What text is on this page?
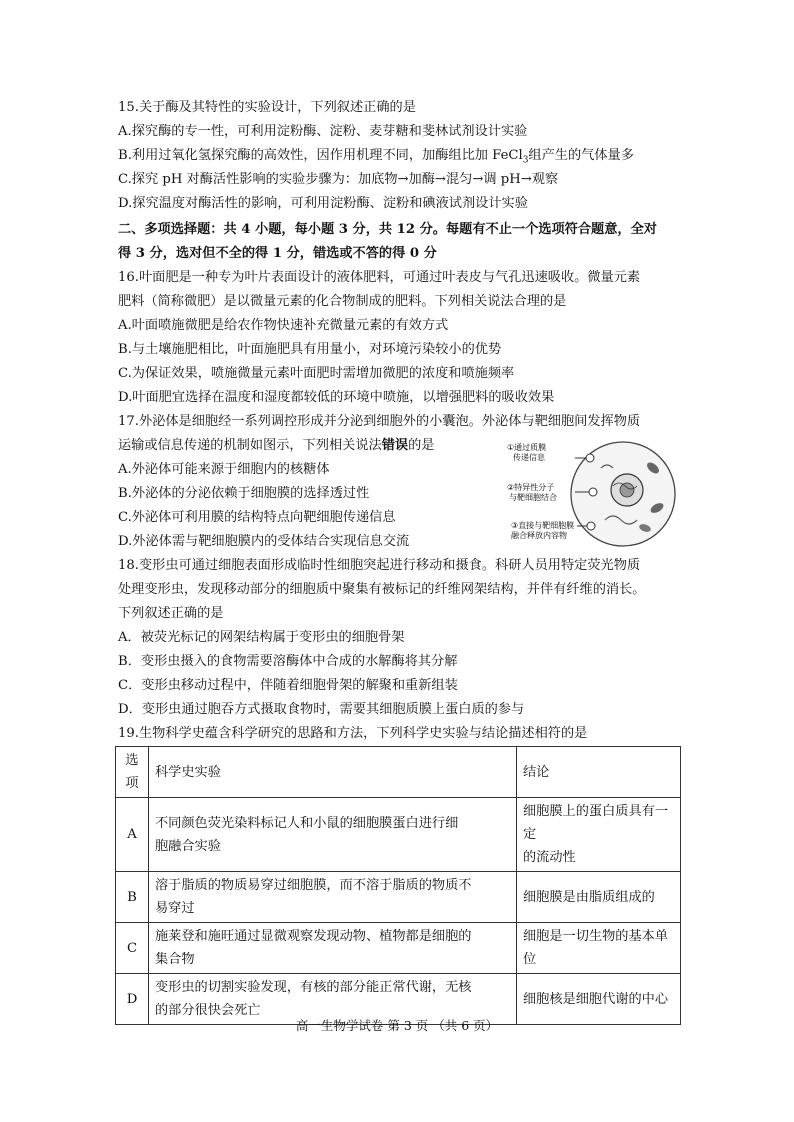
15.关于酶及其特性的实验设计，下列叙述正确的是
A.探究酶的专一性，可利用淀粉酶、淀粉、麦芽糖和斐林试剂设计实验
B.利用过氧化氢探究酶的高效性，因作用机理不同，加酶组比加 FeCl$_3$组产生的气体量多
C.探究 pH 对酶活性影响的实验步骤为：加底物→加酶→混匀→调 pH→观察
D.探究温度对酶活性的影响，可利用淀粉酶、淀粉和碘液试剂设计实验
二、多项选择题：共 4 小题，每小题 3 分，共 12 分。每题有不止一个选项符合题意，全对
得 3 分，选对但不全的得 1 分，错选或不答的得 0 分
16.叶面肥是一种专为叶片表面设计的液体肥料，可通过叶表皮与气孔迅速吸收。微量元素
肥料（简称微肥）是以微量元素的化合物制成的肥料。下列相关说法合理的是
A.叶面喷施微肥是给农作物快速补充微量元素的有效方式
B.与土壤施肥相比，叶面施肥具有用量小，对环境污染较小的优势
C.为保证效果，喷施微量元素叶面肥时需增加微肥的浓度和喷施频率
D.叶面肥宜选择在温度和湿度都较低的环境中喷施，以增强肥料的吸收效果
17.外泌体是细胞经一系列调控形成并分泌到细胞外的小囊泡。外泌体与靶细胞间发挥物质
运输或信息传递的机制如图示，下列相关说法错误的是
A.外泌体可能来源于细胞内的核糖体
B.外泌体的分泌依赖于细胞膜的选择透过性
C.外泌体可利用膜的结构特点向靶细胞传递信息
D.外泌体需与靶细胞膜内的受体结合实现信息交流
①通过质膜
传递信息
②特异性分子
与靶细胞结合
③直接与靶细胞膜
融合释放内容物
18.变形虫可通过细胞表面形成临时性细胞突起进行移动和摄食。科研人员用特定荧光物质
处理变形虫，发现移动部分的细胞质中聚集有被标记的纤维网架结构，并伴有纤维的消长。
下列叙述正确的是
A．被荧光标记的网架结构属于变形虫的细胞骨架
B．变形虫摄入的食物需要溶酶体中合成的水解酶将其分解
C．变形虫移动过程中，伴随着细胞骨架的解聚和重新组装
D．变形虫通过胞吞方式摄取食物时，需要其细胞质膜上蛋白质的参与
19.生物科学史蕴含科学研究的思路和方法，下列科学史实验与结论描述相符的是
选
项	科学史实验	结论
A	不同颜色荧光染料标记人和小鼠的细胞膜蛋白进行细
胞融合实验	细胞膜上的蛋白质具有一定
的流动性
B	溶于脂质的物质易穿过细胞膜，而不溶于脂质的物质不
易穿过	细胞膜是由脂质组成的
C	施莱登和施旺通过显微观察发现动物、植物都是细胞的
集合物	细胞是一切生物的基本单位
D	变形虫的切割实验发现，有核的部分能正常代谢，无核
的部分很快会死亡	细胞核是细胞代谢的中心
高一生物学试卷 第 3 页 （共 6 页）
